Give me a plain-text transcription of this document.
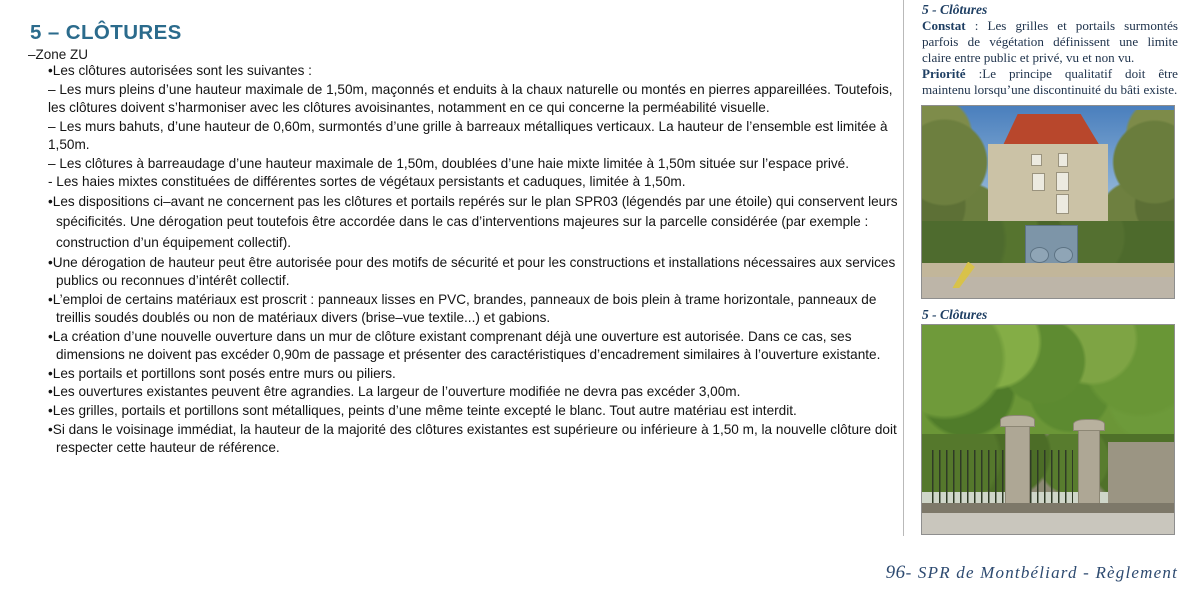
5 – CLÔTURES
–Zone ZU

•Les clôtures autorisées sont les suivantes :

– Les murs pleins d’une hauteur maximale de 1,50m, maçonnés et enduits à la chaux naturelle ou montés en pierres appareillées. Toutefois, les clôtures doivent s’harmoniser avec les clôtures avoisinantes, notamment en ce qui concerne la perméabilité visuelle.

– Les murs bahuts, d’une hauteur de 0,60m, surmontés d’une grille à barreaux métalliques verticaux. La hauteur de l’ensemble est limitée à 1,50m.

– Les clôtures à barreaudage d’une hauteur maximale de 1,50m, doublées d’une haie mixte limitée à 1,50m située sur l’espace privé.

- Les haies mixtes constituées de différentes sortes de végétaux persistants et caduques, limitée à 1,50m.

•Les dispositions ci–avant ne concernent pas les clôtures et portails repérés sur le plan SPR03 (légendés par une étoile) qui conservent leurs spécificités. Une dérogation peut toutefois être accordée dans le cas d’interventions majeures sur la parcelle considérée (par exemple : construction d’un équipement collectif).

•Une dérogation de hauteur peut être autorisée pour des motifs de sécurité et pour les constructions et installations nécessaires aux services publics ou reconnues d’intérêt collectif.

•L’emploi de certains matériaux est proscrit : panneaux lisses en PVC, brandes, panneaux de bois plein à trame horizontale, panneaux de treillis soudés doublés ou non de matériaux divers (brise–vue textile...) et gabions.

•La création d’une nouvelle ouverture dans un mur de clôture existant comprenant déjà une ouverture est autorisée. Dans ce cas, ses dimensions ne doivent pas excéder 0,90m de passage et présenter des caractéristiques d’encadrement similaires à l’ouverture existante.

•Les portails et portillons sont posés entre murs ou piliers.

•Les ouvertures existantes peuvent être agrandies. La largeur de l’ouverture modifiée ne devra pas excéder 3,00m.

•Les grilles, portails et portillons sont métalliques, peints d’une même teinte excepté le blanc. Tout autre matériau est interdit.

•Si dans le voisinage immédiat, la hauteur de la majorité des clôtures existantes est supérieure ou inférieure à 1,50 m, la nouvelle clôture doit respecter cette hauteur de référence.

5 - Clôtures

Constat : Les grilles et portails surmontés parfois de végétation définissent une limite claire entre public et privé, vu et non vu.

Priorité :Le principe qualitatif doit être maintenu lorsqu’une discontinuité du bâti existe.

5 - Clôtures
96- SPR de Montbéliard - Règlement
